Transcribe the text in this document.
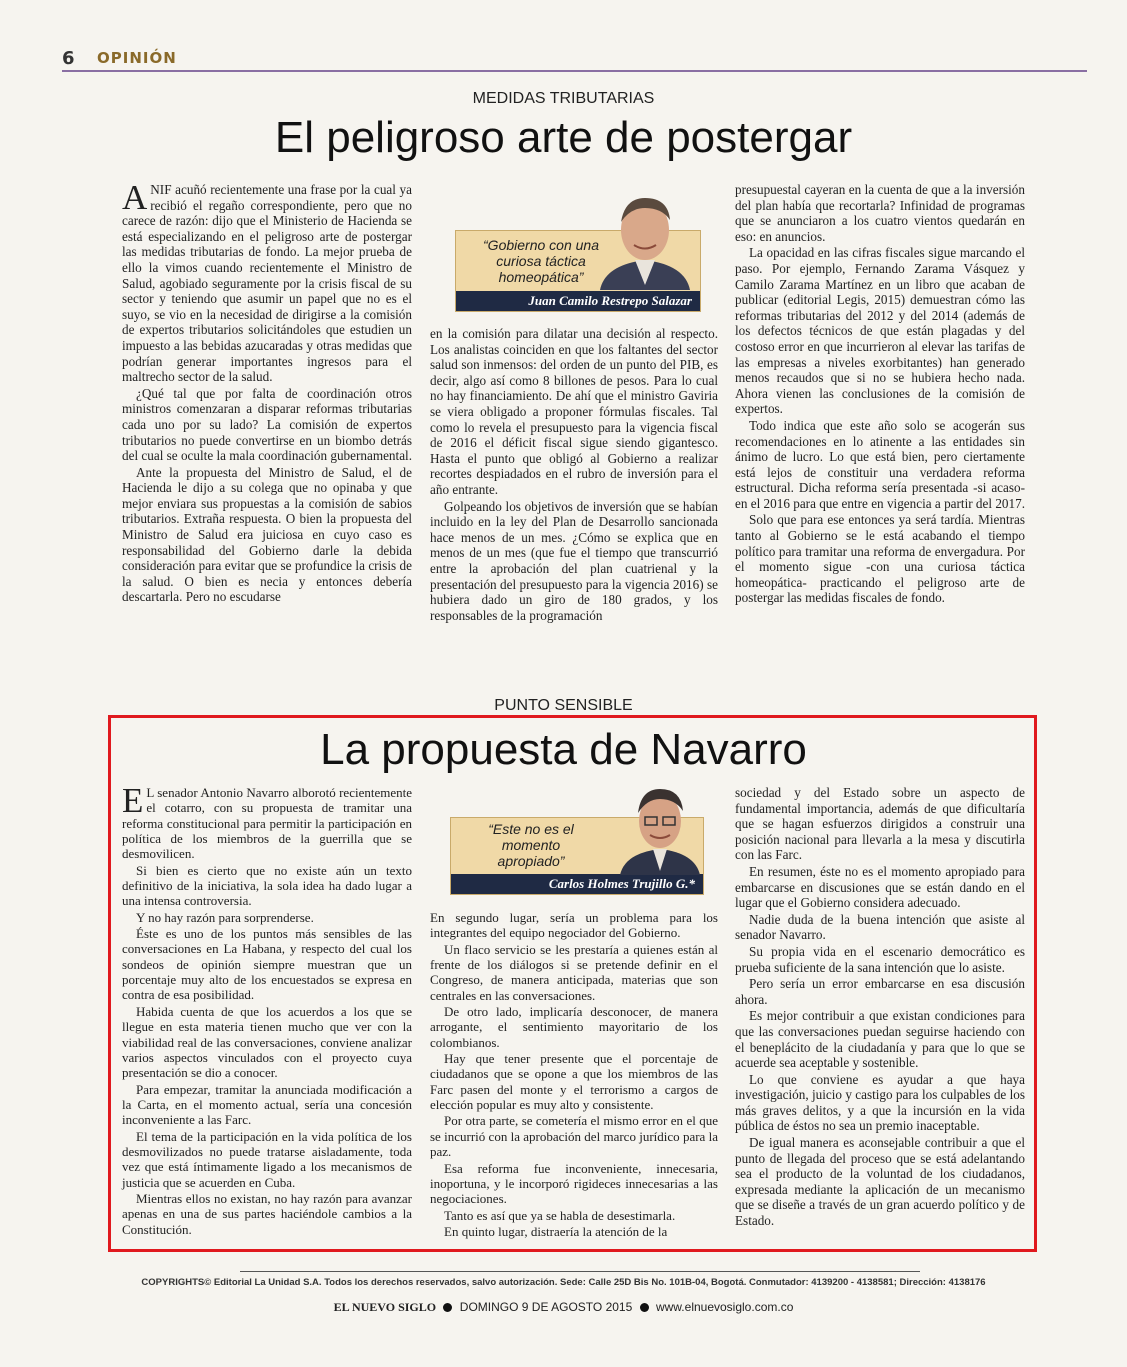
6 OPINIÓN
MEDIDAS TRIBUTARIAS
El peligroso arte de postergar

ANIF acuñó recientemente una frase por la cual ya recibió el regaño correspondiente, pero que no carece de razón: dijo que el Ministerio de Hacienda se está especializando en el peligroso arte de postergar las medidas tributarias de fondo. La mejor prueba de ello la vimos cuando recientemente el Ministro de Salud, agobiado seguramente por la crisis fiscal de su sector y teniendo que asumir un papel que no es el suyo, se vio en la necesidad de dirigirse a la comisión de expertos tributarios solicitándoles que estudien un impuesto a las bebidas azucaradas y otras medidas que podrían generar importantes ingresos para el maltrecho sector de la salud.

¿Qué tal que por falta de coordinación otros ministros comenzaran a disparar reformas tributarias cada uno por su lado? La comisión de expertos tributarios no puede convertirse en un biombo detrás del cual se oculte la mala coordinación gubernamental.

Ante la propuesta del Ministro de Salud, el de Hacienda le dijo a su colega que no opinaba y que mejor enviara sus propuestas a la comisión de sabios tributarios. Extraña respuesta. O bien la propuesta del Ministro de Salud era juiciosa en cuyo caso es responsabilidad del Gobierno darle la debida consideración para evitar que se profundice la crisis de la salud. O bien es necia y entonces debería descartarla. Pero no escudarse

“Gobierno con una curiosa táctica homeopática”
Juan Camilo Restrepo Salazar

en la comisión para dilatar una decisión al respecto. Los analistas coinciden en que los faltantes del sector salud son inmensos: del orden de un punto del PIB, es decir, algo así como 8 billones de pesos. Para lo cual no hay financiamiento. De ahí que el ministro Gaviria se viera obligado a proponer fórmulas fiscales. Tal como lo revela el presupuesto para la vigencia fiscal de 2016 el déficit fiscal sigue siendo gigantesco. Hasta el punto que obligó al Gobierno a realizar recortes despiadados en el rubro de inversión para el año entrante.

Golpeando los objetivos de inversión que se habían incluido en la ley del Plan de Desarrollo sancionada hace menos de un mes. ¿Cómo se explica que en menos de un mes (que fue el tiempo que transcurrió entre la aprobación del plan cuatrienal y la presentación del presupuesto para la vigencia 2016) se hubiera dado un giro de 180 grados, y los responsables de la programación

presupuestal cayeran en la cuenta de que a la inversión del plan había que recortarla? Infinidad de programas que se anunciaron a los cuatro vientos quedarán en eso: en anuncios.

La opacidad en las cifras fiscales sigue marcando el paso. Por ejemplo, Fernando Zarama Vásquez y Camilo Zarama Martínez en un libro que acaban de publicar (editorial Legis, 2015) demuestran cómo las reformas tributarias del 2012 y del 2014 (además de los defectos técnicos de que están plagadas y del costoso error en que incurrieron al elevar las tarifas de las empresas a niveles exorbitantes) han generado menos recaudos que si no se hubiera hecho nada. Ahora vienen las conclusiones de la comisión de expertos.

Todo indica que este año solo se acogerán sus recomendaciones en lo atinente a las entidades sin ánimo de lucro. Lo que está bien, pero ciertamente está lejos de constituir una verdadera reforma estructural. Dicha reforma sería presentada -si acaso- en el 2016 para que entre en vigencia a partir del 2017.

Solo que para ese entonces ya será tardía. Mientras tanto al Gobierno se le está acabando el tiempo político para tramitar una reforma de envergadura. Por el momento sigue -con una curiosa táctica homeopática- practicando el peligroso arte de postergar las medidas fiscales de fondo.

PUNTO SENSIBLE
La propuesta de Navarro

E L senador Antonio Navarro alborotó recientemente el cotarro, con su propuesta de tramitar una reforma constitucional para permitir la participación en política de los miembros de la guerrilla que se desmovilicen.

Si bien es cierto que no existe aún un texto definitivo de la iniciativa, la sola idea ha dado lugar a una intensa controversia.

Y no hay razón para sorprenderse.

Éste es uno de los puntos más sensibles de las conversaciones en La Habana, y respecto del cual los sondeos de opinión siempre muestran que un porcentaje muy alto de los encuestados se expresa en contra de esa posibilidad.

Habida cuenta de que los acuerdos a los que se llegue en esta materia tienen mucho que ver con la viabilidad real de las conversaciones, conviene analizar varios aspectos vinculados con el proyecto cuya presentación se dio a conocer.

Para empezar, tramitar la anunciada modificación a la Carta, en el momento actual, sería una concesión inconveniente a las Farc.

El tema de la participación en la vida política de los desmovilizados no puede tratarse aisladamente, toda vez que está íntimamente ligado a los mecanismos de justicia que se acuerden en Cuba.

Mientras ellos no existan, no hay razón para avanzar apenas en una de sus partes haciéndole cambios a la Constitución.

“Este no es el momento apropiado”
Carlos Holmes Trujillo G.*

En segundo lugar, sería un problema para los integrantes del equipo negociador del Gobierno.

Un flaco servicio se les prestaría a quienes están al frente de los diálogos si se pretende definir en el Congreso, de manera anticipada, materias que son centrales en las conversaciones.

De otro lado, implicaría desconocer, de manera arrogante, el sentimiento mayoritario de los colombianos.

Hay que tener presente que el porcentaje de ciudadanos que se opone a que los miembros de las Farc pasen del monte y el terrorismo a cargos de elección popular es muy alto y consistente.

Por otra parte, se cometería el mismo error en el que se incurrió con la aprobación del marco jurídico para la paz.

Esa reforma fue inconveniente, innecesaria, inoportuna, y le incorporó rigideces innecesarias a las negociaciones.

Tanto es así que ya se habla de desestimarla.

En quinto lugar, distraería la atención de la

sociedad y del Estado sobre un aspecto de fundamental importancia, además de que dificultaría que se hagan esfuerzos dirigidos a construir una posición nacional para llevarla a la mesa y discutirla con las Farc.

En resumen, éste no es el momento apropiado para embarcarse en discusiones que se están dando en el lugar que el Gobierno considera adecuado.

Nadie duda de la buena intención que asiste al senador Navarro.

Su propia vida en el escenario democrático es prueba suficiente de la sana intención que lo asiste.

Pero sería un error embarcarse en esa discusión ahora.

Es mejor contribuir a que existan condiciones para que las conversaciones puedan seguirse haciendo con el beneplácito de la ciudadanía y para que lo que se acuerde sea aceptable y sostenible.

Lo que conviene es ayudar a que haya investigación, juicio y castigo para los culpables de los más graves delitos, y a que la incursión en la vida pública de éstos no sea un premio inaceptable.

De igual manera es aconsejable contribuir a que el punto de llegada del proceso que se está adelantando sea el producto de la voluntad de los ciudadanos, expresada mediante la aplicación de un mecanismo que se diseñe a través de un gran acuerdo político y de Estado.

COPYRIGHTS© Editorial La Unidad S.A. Todos los derechos reservados, salvo autorización. Sede: Calle 25D Bis No. 101B-04, Bogotá. Conmutador: 4139200 - 4138581; Dirección: 4138176
EL NUEVO SIGLO DOMINGO 9 DE AGOSTO 2015 www.elnuevosiglo.com.co
